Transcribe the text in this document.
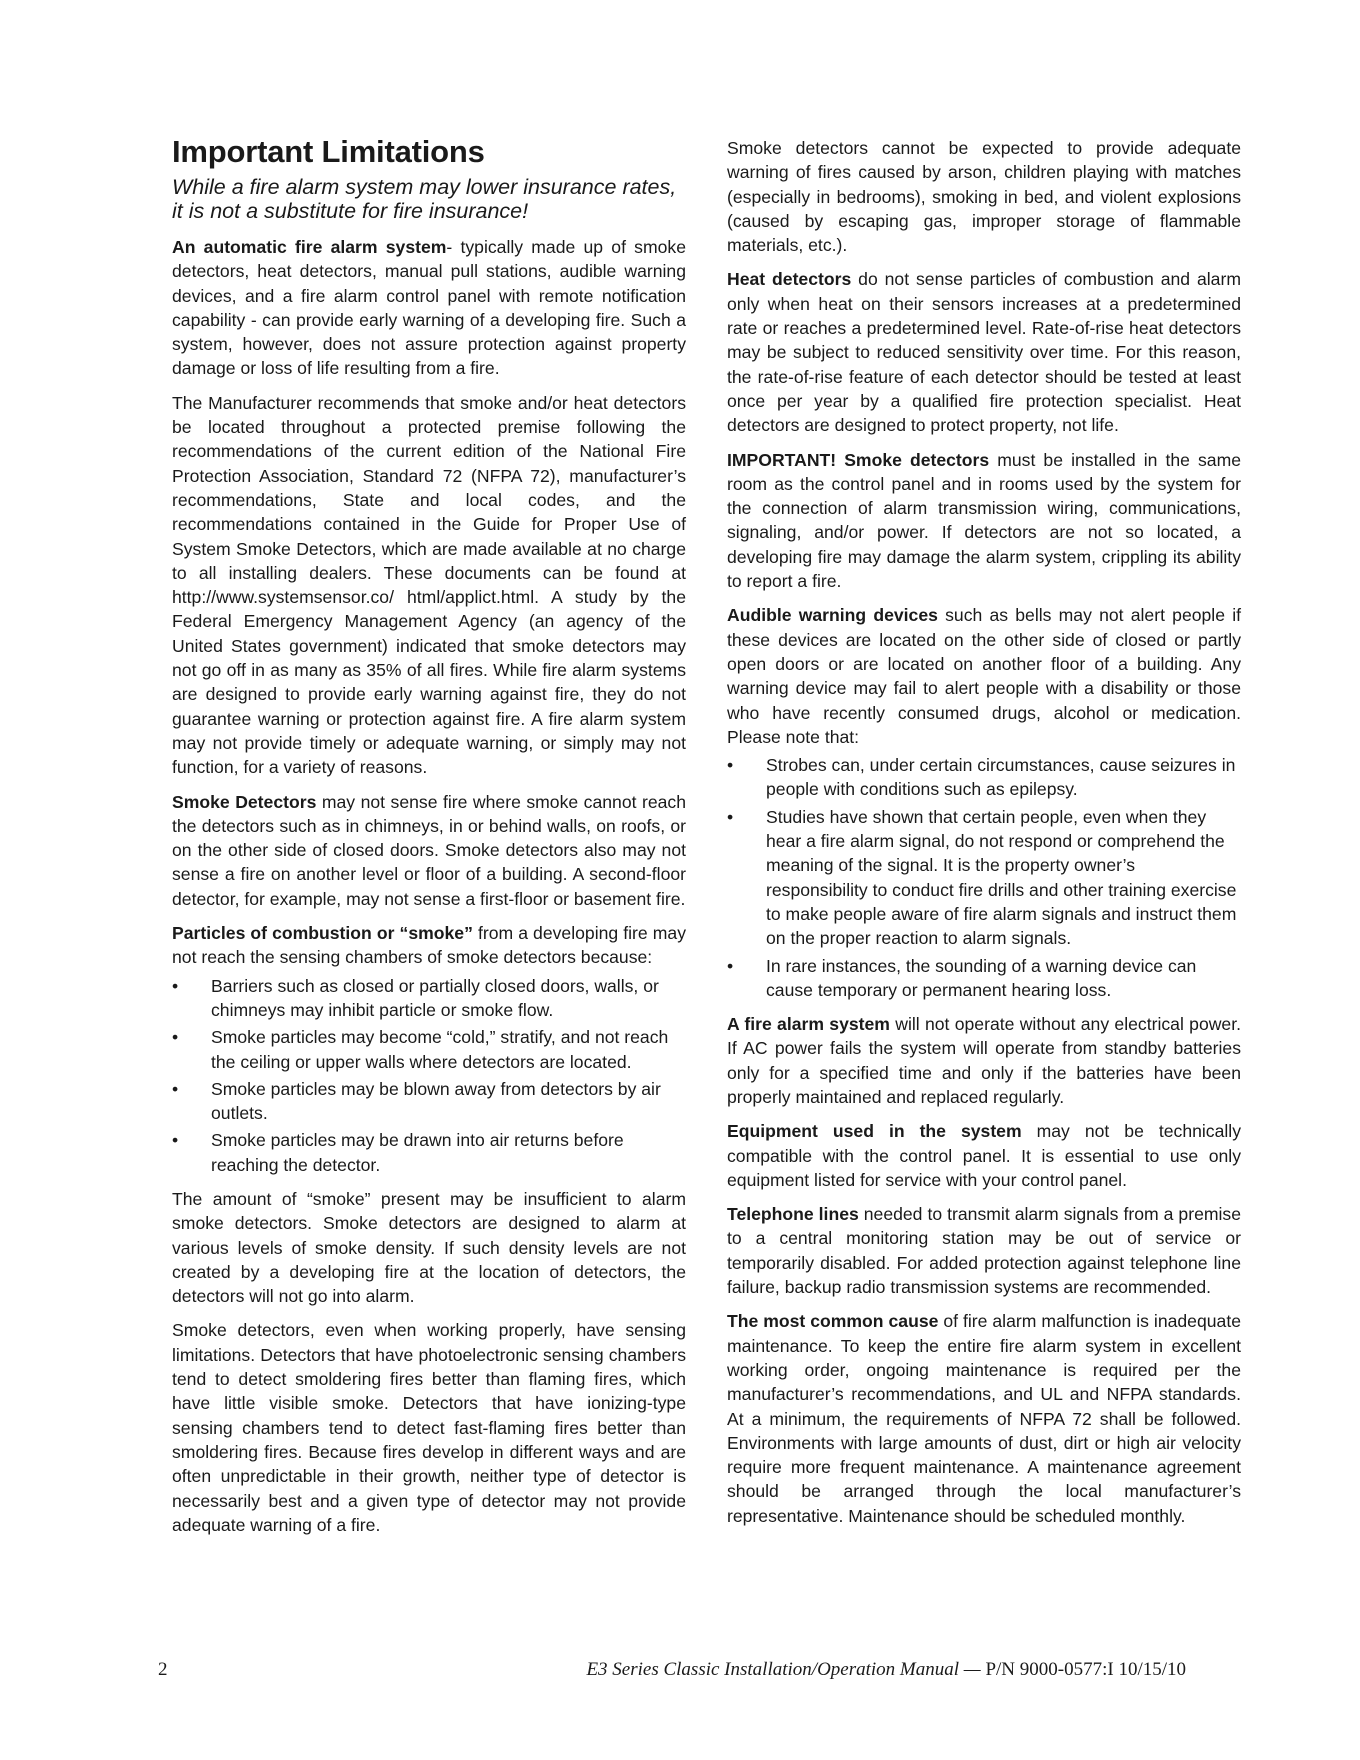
Important Limitations
While a fire alarm system may lower insurance rates, it is not a substitute for fire insurance!

An automatic fire alarm system- typically made up of smoke detectors, heat detectors, manual pull stations, audible warning devices, and a fire alarm control panel with remote notification capability - can provide early warning of a developing fire. Such a system, however, does not assure protection against property damage or loss of life resulting from a fire.

The Manufacturer recommends that smoke and/or heat detectors be located throughout a protected premise following the recommendations of the current edition of the National Fire Protection Association, Standard 72 (NFPA 72), manufacturer’s recommendations, State and local codes, and the recommendations contained in the Guide for Proper Use of System Smoke Detectors, which are made available at no charge to all installing dealers. These documents can be found at http://www.systemsensor.co/ html/applict.html. A study by the Federal Emergency Management Agency (an agency of the United States government) indicated that smoke detectors may not go off in as many as 35% of all fires. While fire alarm systems are designed to provide early warning against fire, they do not guarantee warning or protection against fire. A fire alarm system may not provide timely or adequate warning, or simply may not function, for a variety of reasons.

Smoke Detectors may not sense fire where smoke cannot reach the detectors such as in chimneys, in or behind walls, on roofs, or on the other side of closed doors. Smoke detectors also may not sense a fire on another level or floor of a building. A second-floor detector, for example, may not sense a first-floor or basement fire.

Particles of combustion or “smoke” from a developing fire may not reach the sensing chambers of smoke detectors because:

• Barriers such as closed or partially closed doors, walls, or chimneys may inhibit particle or smoke flow.
• Smoke particles may become “cold,” stratify, and not reach the ceiling or upper walls where detectors are located.
• Smoke particles may be blown away from detectors by air outlets.
• Smoke particles may be drawn into air returns before reaching the detector.

The amount of “smoke” present may be insufficient to alarm smoke detectors. Smoke detectors are designed to alarm at various levels of smoke density. If such density levels are not created by a developing fire at the location of detectors, the detectors will not go into alarm.

Smoke detectors, even when working properly, have sensing limitations. Detectors that have photoelectronic sensing chambers tend to detect smoldering fires better than flaming fires, which have little visible smoke. Detectors that have ionizing-type sensing chambers tend to detect fast-flaming fires better than smoldering fires. Because fires develop in different ways and are often unpredictable in their growth, neither type of detector is necessarily best and a given type of detector may not provide adequate warning of a fire.

Smoke detectors cannot be expected to provide adequate warning of fires caused by arson, children playing with matches (especially in bedrooms), smoking in bed, and violent explosions (caused by escaping gas, improper storage of flammable materials, etc.).

Heat detectors do not sense particles of combustion and alarm only when heat on their sensors increases at a predetermined rate or reaches a predetermined level. Rate-of-rise heat detectors may be subject to reduced sensitivity over time. For this reason, the rate-of-rise feature of each detector should be tested at least once per year by a qualified fire protection specialist. Heat detectors are designed to protect property, not life.

IMPORTANT! Smoke detectors must be installed in the same room as the control panel and in rooms used by the system for the connection of alarm transmission wiring, communications, signaling, and/or power. If detectors are not so located, a developing fire may damage the alarm system, crippling its ability to report a fire.

Audible warning devices such as bells may not alert people if these devices are located on the other side of closed or partly open doors or are located on another floor of a building. Any warning device may fail to alert people with a disability or those who have recently consumed drugs, alcohol or medication. Please note that:

• Strobes can, under certain circumstances, cause seizures in people with conditions such as epilepsy.
• Studies have shown that certain people, even when they hear a fire alarm signal, do not respond or comprehend the meaning of the signal. It is the property owner’s responsibility to conduct fire drills and other training exercise to make people aware of fire alarm signals and instruct them on the proper reaction to alarm signals.
• In rare instances, the sounding of a warning device can cause temporary or permanent hearing loss.

A fire alarm system will not operate without any electrical power. If AC power fails the system will operate from standby batteries only for a specified time and only if the batteries have been properly maintained and replaced regularly.

Equipment used in the system may not be technically compatible with the control panel. It is essential to use only equipment listed for service with your control panel.

Telephone lines needed to transmit alarm signals from a premise to a central monitoring station may be out of service or temporarily disabled. For added protection against telephone line failure, backup radio transmission systems are recommended.

The most common cause of fire alarm malfunction is inadequate maintenance. To keep the entire fire alarm system in excellent working order, ongoing maintenance is required per the manufacturer’s recommendations, and UL and NFPA standards. At a minimum, the requirements of NFPA 72 shall be followed. Environments with large amounts of dust, dirt or high air velocity require more frequent maintenance. A maintenance agreement should be arranged through the local manufacturer’s representative. Maintenance should be scheduled monthly.

2	E3 Series Classic Installation/Operation Manual — P/N 9000-0577:I 10/15/10
